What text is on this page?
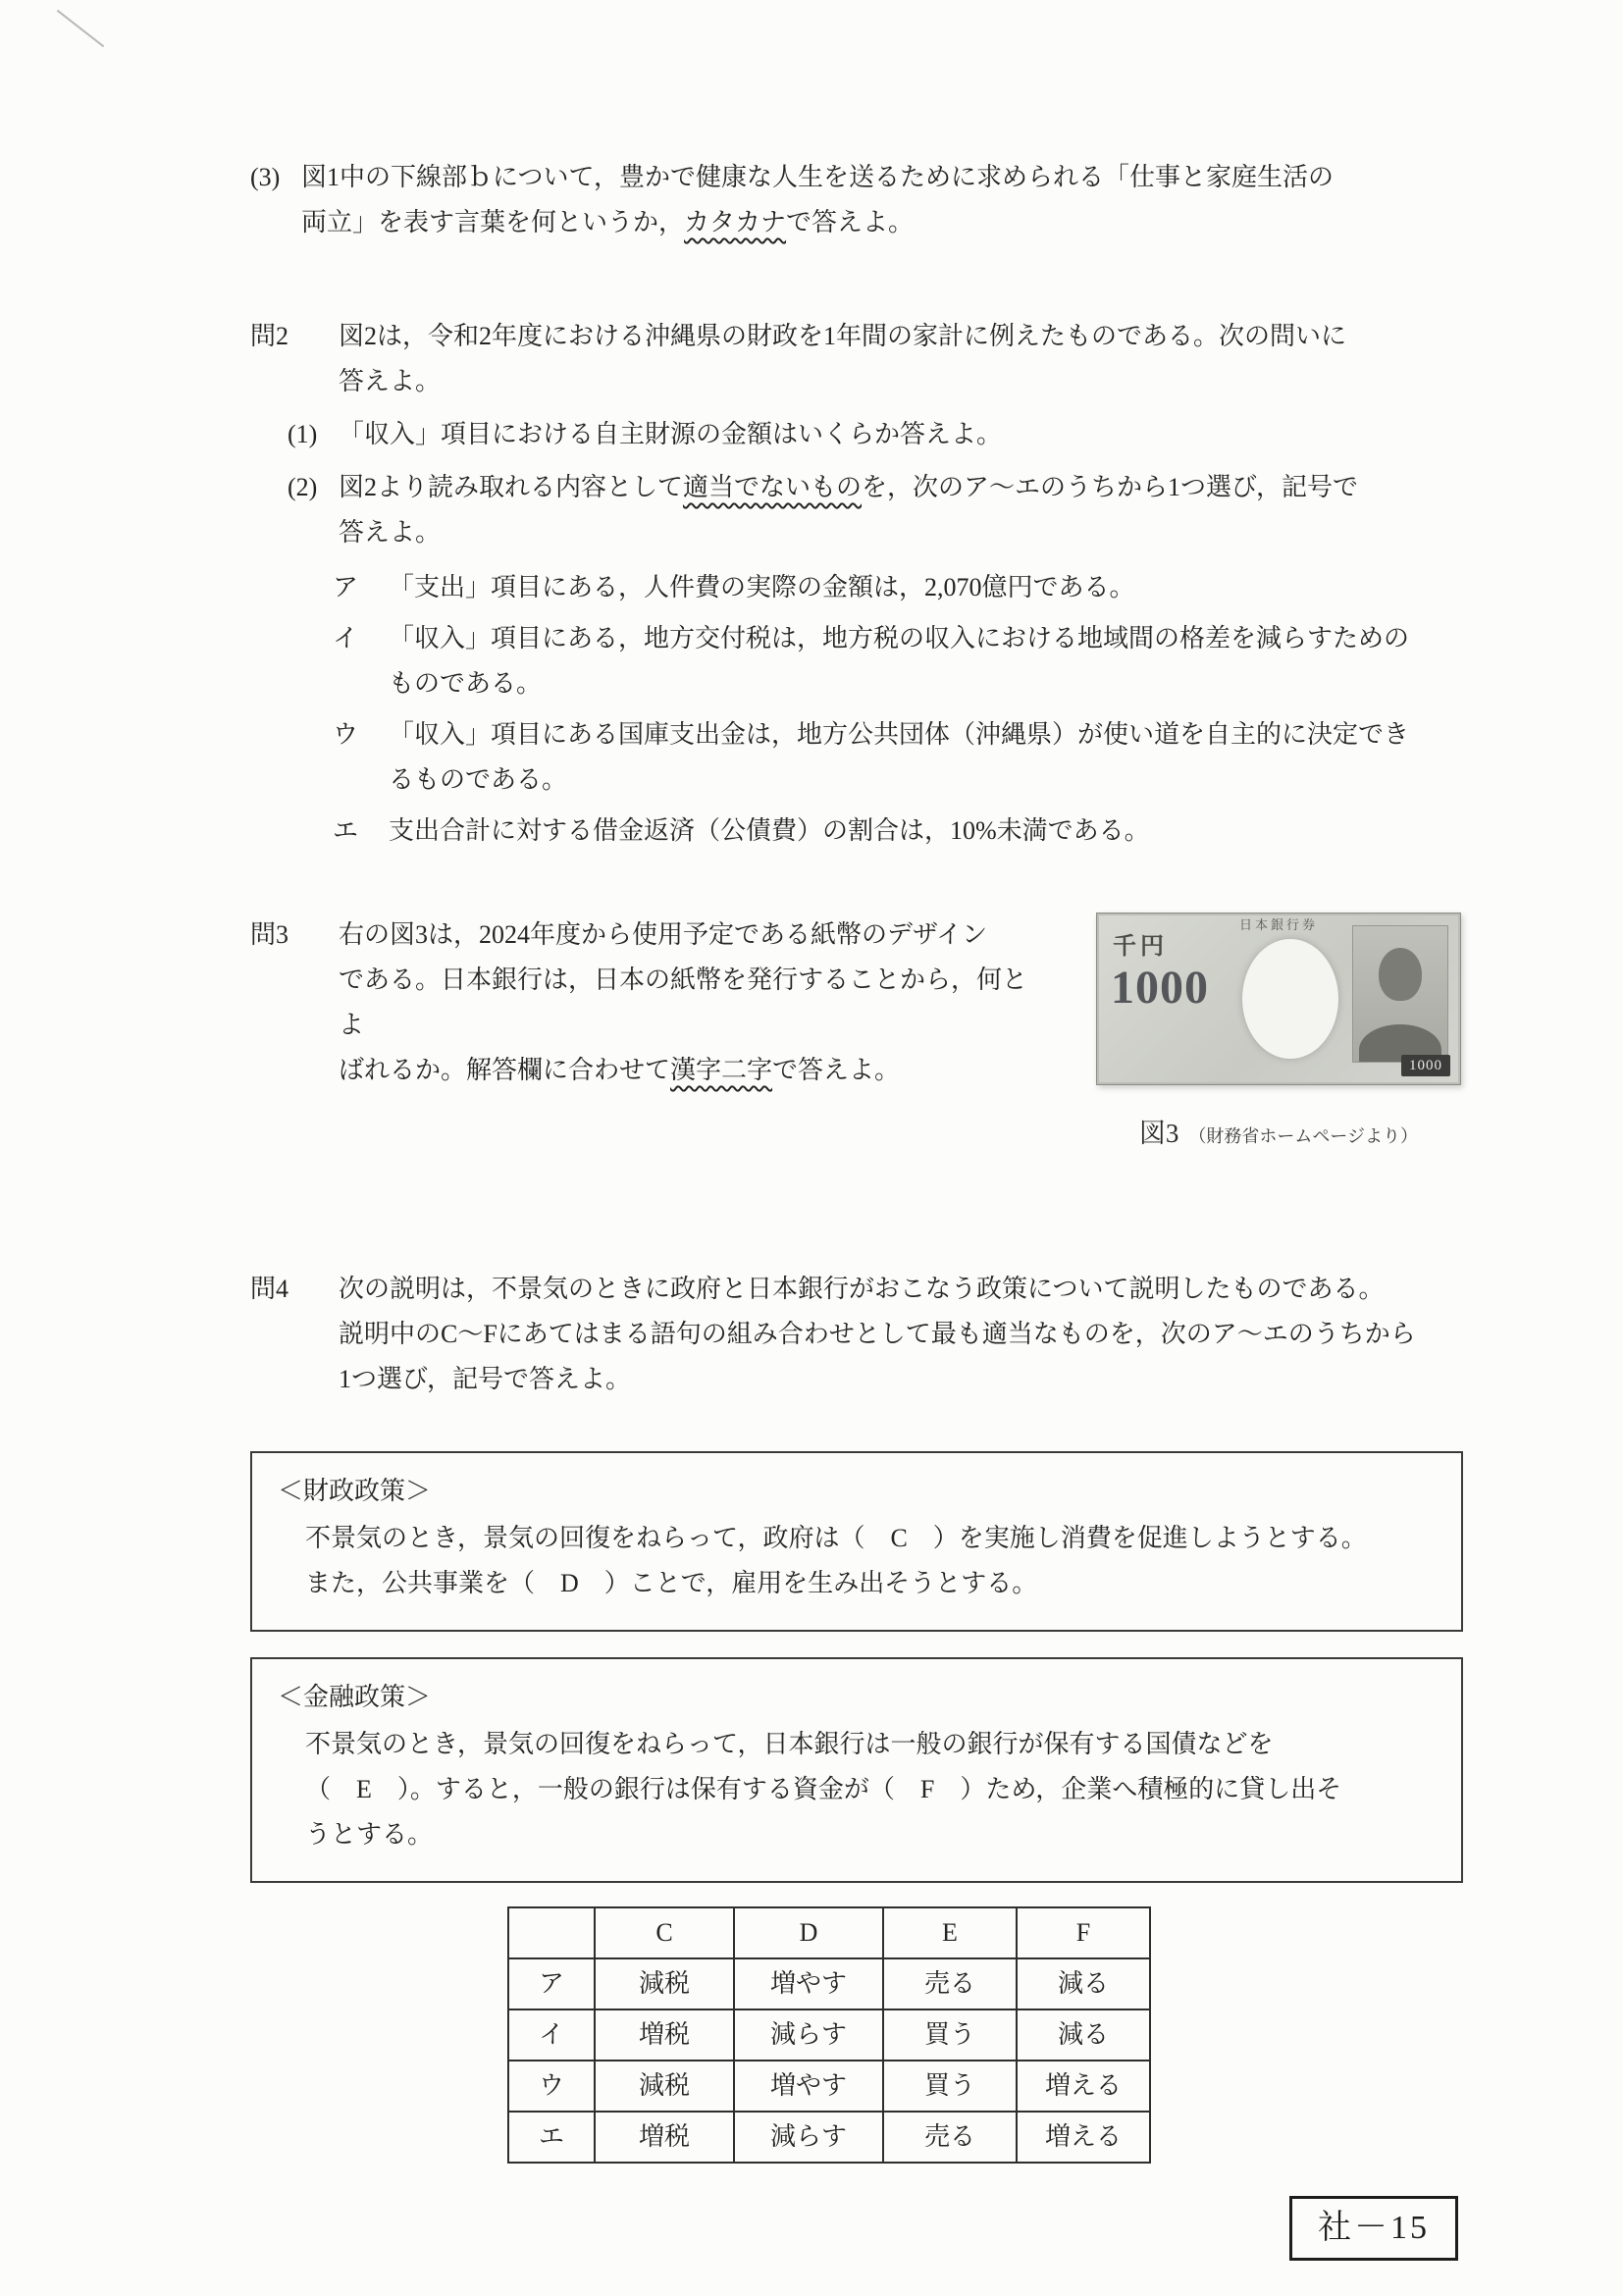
(3) 図1中の下線部ｂについて，豊かで健康な人生を送るために求められる「仕事と家庭生活の
両立」を表す言葉を何というか，カタカナで答えよ。
問2	図2は，令和2年度における沖縄県の財政を1年間の家計に例えたものである。次の問いに
答えよ。
(1) 「収入」項目における自主財源の金額はいくらか答えよ。
(2) 図2より読み取れる内容として適当でないものを，次のア〜エのうちから1つ選び，記号で
答えよ。
ア	「支出」項目にある，人件費の実際の金額は，2,070億円である。
イ	「収入」項目にある，地方交付税は，地方税の収入における地域間の格差を減らすための
ものである。
ウ	「収入」項目にある国庫支出金は，地方公共団体（沖縄県）が使い道を自主的に決定でき
るものである。
エ	支出合計に対する借金返済（公債費）の割合は，10%未満である。
問3	右の図3は，2024年度から使用予定である紙幣のデザイン
である。日本銀行は，日本の紙幣を発行することから，何とよ
ばれるか。解答欄に合わせて漢字二字で答えよ。
日本銀行券
千円
1000
1000
図3 （財務省ホームページより）
問4	次の説明は，不景気のときに政府と日本銀行がおこなう政策について説明したものである。
説明中のC〜Fにあてはまる語句の組み合わせとして最も適当なものを，次のア〜エのうちから
1つ選び，記号で答えよ。
＜財政政策＞
不景気のとき，景気の回復をねらって，政府は（　C　）を実施し消費を促進しようとする。
また，公共事業を（　D　）ことで，雇用を生み出そうとする。
＜金融政策＞
不景気のとき，景気の回復をねらって，日本銀行は一般の銀行が保有する国債などを
（　E　）。すると，一般の銀行は保有する資金が（　F　）ため，企業へ積極的に貸し出そ
うとする。
	C	D	E	F
ア	減税	増やす	売る	減る
イ	増税	減らす	買う	減る
ウ	減税	増やす	買う	増える
エ	増税	減らす	売る	増える
社－15
